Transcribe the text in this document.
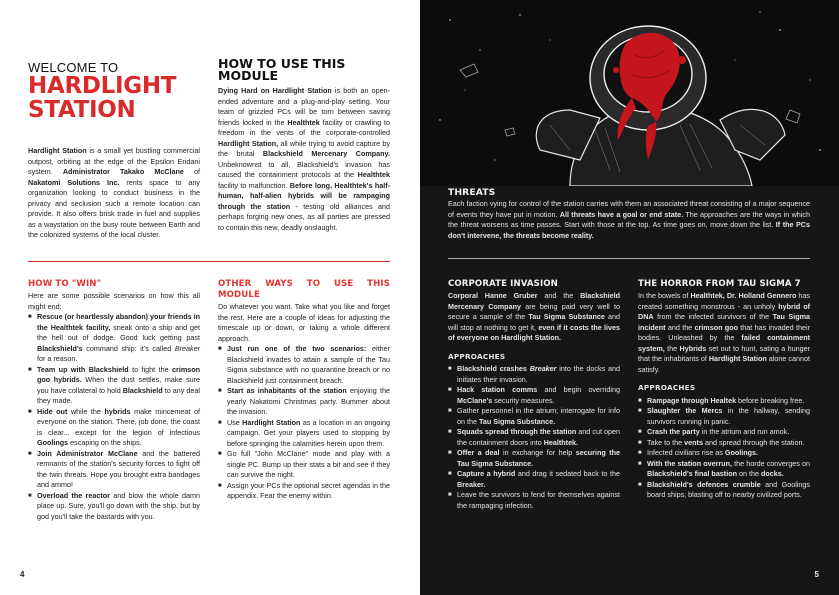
WELCOME TO
HARDLIGHT
STATION

Hardlight Station is a small yet bustling commercial outpost, orbiting at the edge of the Epsilon Eridani system. Administrator Takako McClane of Nakatomi Solutions Inc. rents space to any organization looking to conduct business in the privacy and seclusion such a remote location can provide. It also offers brisk trade in fuel and supplies as a waystation on the busy route between Earth and the colonized systems of the local cluster.

HOW TO USE THIS
MODULE

Dying Hard on Hardlight Station is both an open-ended adventure and a plug-and-play setting. Your team of grizzled PCs will be torn between saving friends locked in the Healthtek facility or crawling to freedom in the vents of the corporate-controlled Hardlight Station, all while trying to avoid capture by the brutal Blackshield Mercenary Company. Unbeknownst to all, Blackshield's invasion has caused the containment protocols at the Healthtek facility to malfunction. Before long, Healthtek's half-human, half-alien hybrids will be rampaging through the station - testing old alliances and perhaps forging new ones, as all parties are pressed to contain this new, deadly onslaught.

HOW TO "WIN"

Here are some possible scenarios on how this all might end:

■ Rescue (or heartlessly abandon) your friends in the Healthtek facility, sneak onto a ship and get the hell out of dodge. Good luck getting past Blackshield's command ship: it's called Breaker for a reason.
■ Team up with Blackshield to fight the crimson goo hybrids. When the dust settles, make sure you have collateral to hold Blackshield to any deal they made.
■ Hide out while the hybrids make mincemeat of everyone on the station. There, job done, the coast is clear... except for the legion of infectious Goolings escaping on the ships.
■ Join Administrator McClane and the battered remnants of the station's security forces to fight off the twin threats. Hope you brought extra bandages and ammo!
■ Overload the reactor and blow the whole damn place up. Sure, you'll go down with the ship, but by god you'll take the bastards with you.
OTHER WAYS TO USE THIS MODULE

Do whatever you want. Take what you like and forget the rest. Here are a couple of ideas for adjusting the timescale up or down, or taking a whole different approach.

■ Just run one of the two scenarios: either Blackshield invades to attain a sample of the Tau Sigma substance with no quarantine breach or no Blackshield just containment breach.
■ Start as inhabitants of the station enjoying the yearly Nakatomi Christmas party. Bummer about the invasion.
■ Use Hardlight Station as a location in an ongoing campaign. Get your players used to stopping by before springing the calamities herein upon them.
■ Go full "John McClane" mode and play with a single PC. Bump up their stats a bit and see if they can survive the night.
■ Assign your PCs the optional secret agendas in the appendix. Fear the enemy within.
4
THREATS

Each faction vying for control of the station carries with them an associated threat consisting of a major sequence of events they have put in motion. All threats have a goal or end state. The approaches are the ways in which the threat worsens as time passes. Start with those at the top. As time goes on, move down the list. If the PCs don't intervene, the threats become reality.

CORPORATE INVASION

Corporal Hanne Gruber and the Blackshield Mercenary Company are being paid very well to secure a sample of the Tau Sigma Substance and will stop at nothing to get it, even if it costs the lives of everyone on Hardlight Station.

APPROACHES
■ Blackshield crashes Breaker into the docks and initiates their invasion.
■ Hack station comms and begin overriding McClane's security measures.
■ Gather personnel in the atrium; interrogate for info on the Tau Sigma Substance.
■ Squads spread through the station and cut open the containment doors into Healthtek.
■ Offer a deal in exchange for help securing the Tau Sigma Substance.
■ Capture a hybrid and drag it sedated back to the Breaker.
■ Leave the survivors to fend for themselves against the rampaging infection.
THE HORROR FROM TAU SIGMA 7

In the bowels of Healthtek, Dr. Holland Gennero has created something monstrous - an unholy hybrid of DNA from the infected survivors of the Tau Sigma incident and the crimson goo that has invaded their bodies. Unleashed by the failed containment system, the Hybrids set out to hunt, sating a hunger that the inhabitants of Hardlight Station alone cannot satisfy.

APPROACHES
■ Rampage through Healtek before breaking free.
■ Slaughter the Mercs in the hallway, sending survivors running in panic.
■ Crash the party in the atrium and run amok.
■ Take to the vents and spread through the station.
■ Infected civilians rise as Goolings.
■ With the station overrun, the horde converges on Blackshield's final bastion on the docks.
■ Blackshield's defences crumble and Goolings board ships, blasting off to nearby civilized ports.
5
